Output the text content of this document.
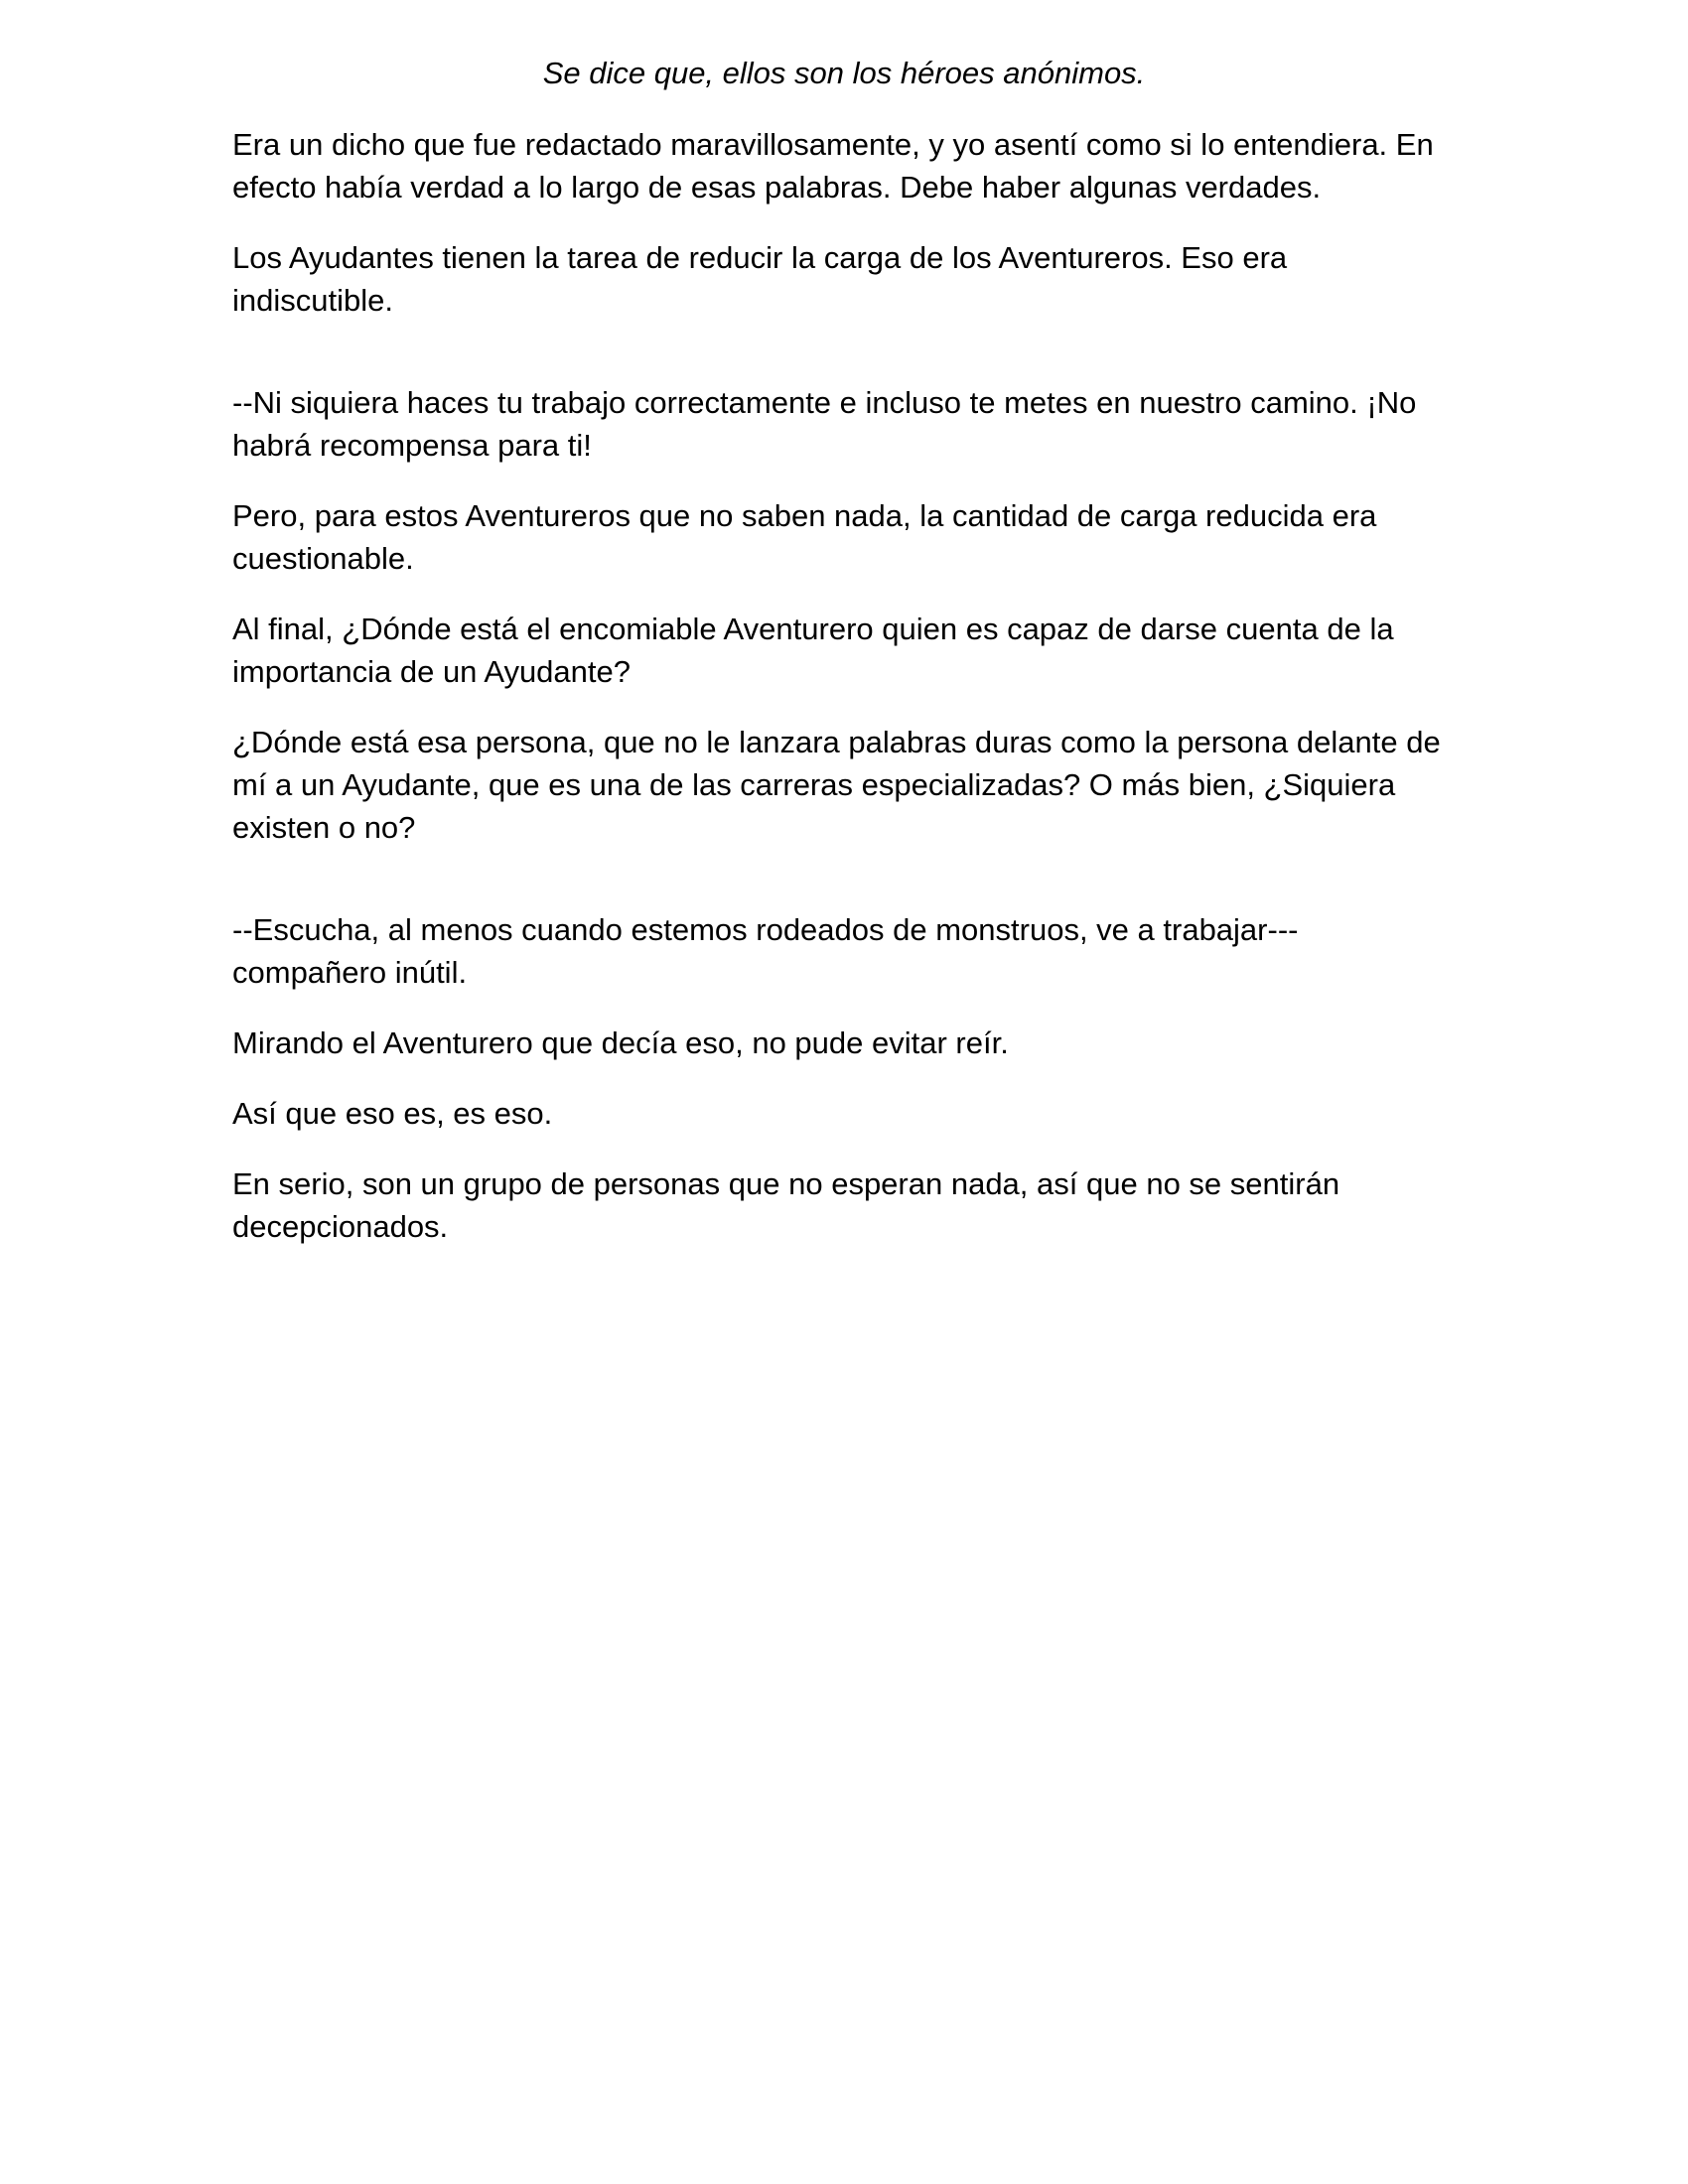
Se dice que, ellos son los héroes anónimos.

Era un dicho que fue redactado maravillosamente, y yo asentí como si lo entendiera. En efecto había verdad a lo largo de esas palabras. Debe haber algunas verdades.

Los Ayudantes tienen la tarea de reducir la carga de los Aventureros. Eso era indiscutible.

--Ni siquiera haces tu trabajo correctamente e incluso te metes en nuestro camino. ¡No habrá recompensa para ti!

Pero, para estos Aventureros que no saben nada, la cantidad de carga reducida era cuestionable.

Al final, ¿Dónde está el encomiable Aventurero quien es capaz de darse cuenta de la importancia de un Ayudante?

¿Dónde está esa persona, que no le lanzara palabras duras como la persona delante de mí a un Ayudante, que es una de las carreras especializadas? O más bien, ¿Siquiera existen o no?

--Escucha, al menos cuando estemos rodeados de monstruos, ve a trabajar--- compañero inútil.

Mirando el Aventurero que decía eso, no pude evitar reír.

Así que eso es, es eso.

En serio, son un grupo de personas que no esperan nada, así que no se sentirán decepcionados.
